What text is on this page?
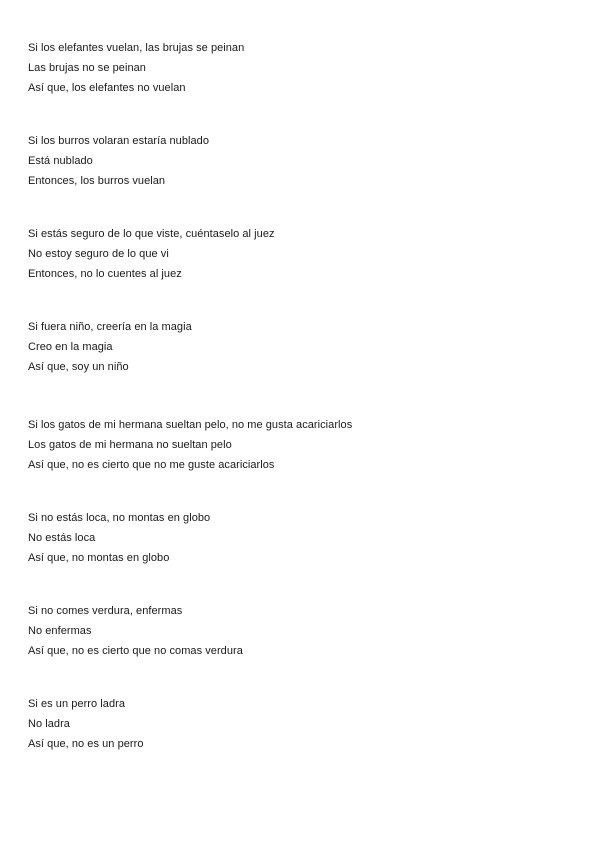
Si los elefantes vuelan, las brujas se peinan
Las brujas no se peinan
Así que, los elefantes no vuelan
Si los burros volaran estaría nublado
Está nublado
Entonces, los burros vuelan
Si estás seguro de lo que viste, cuéntaselo al juez
No estoy seguro de lo que vi
Entonces, no lo cuentes al juez
Si fuera niño, creería en la magia
Creo en la magia
Así que, soy un niño
Si los gatos de mi hermana sueltan pelo, no me gusta acariciarlos
Los gatos de mi hermana no sueltan pelo
Así que, no es cierto que no me guste acariciarlos
Si no estás loca, no montas en globo
No estás loca
Así que, no montas en globo
Si no comes verdura, enfermas
No enfermas
Así que, no es cierto que no comas verdura
Si es un perro ladra
No ladra
Así que, no es un perro
